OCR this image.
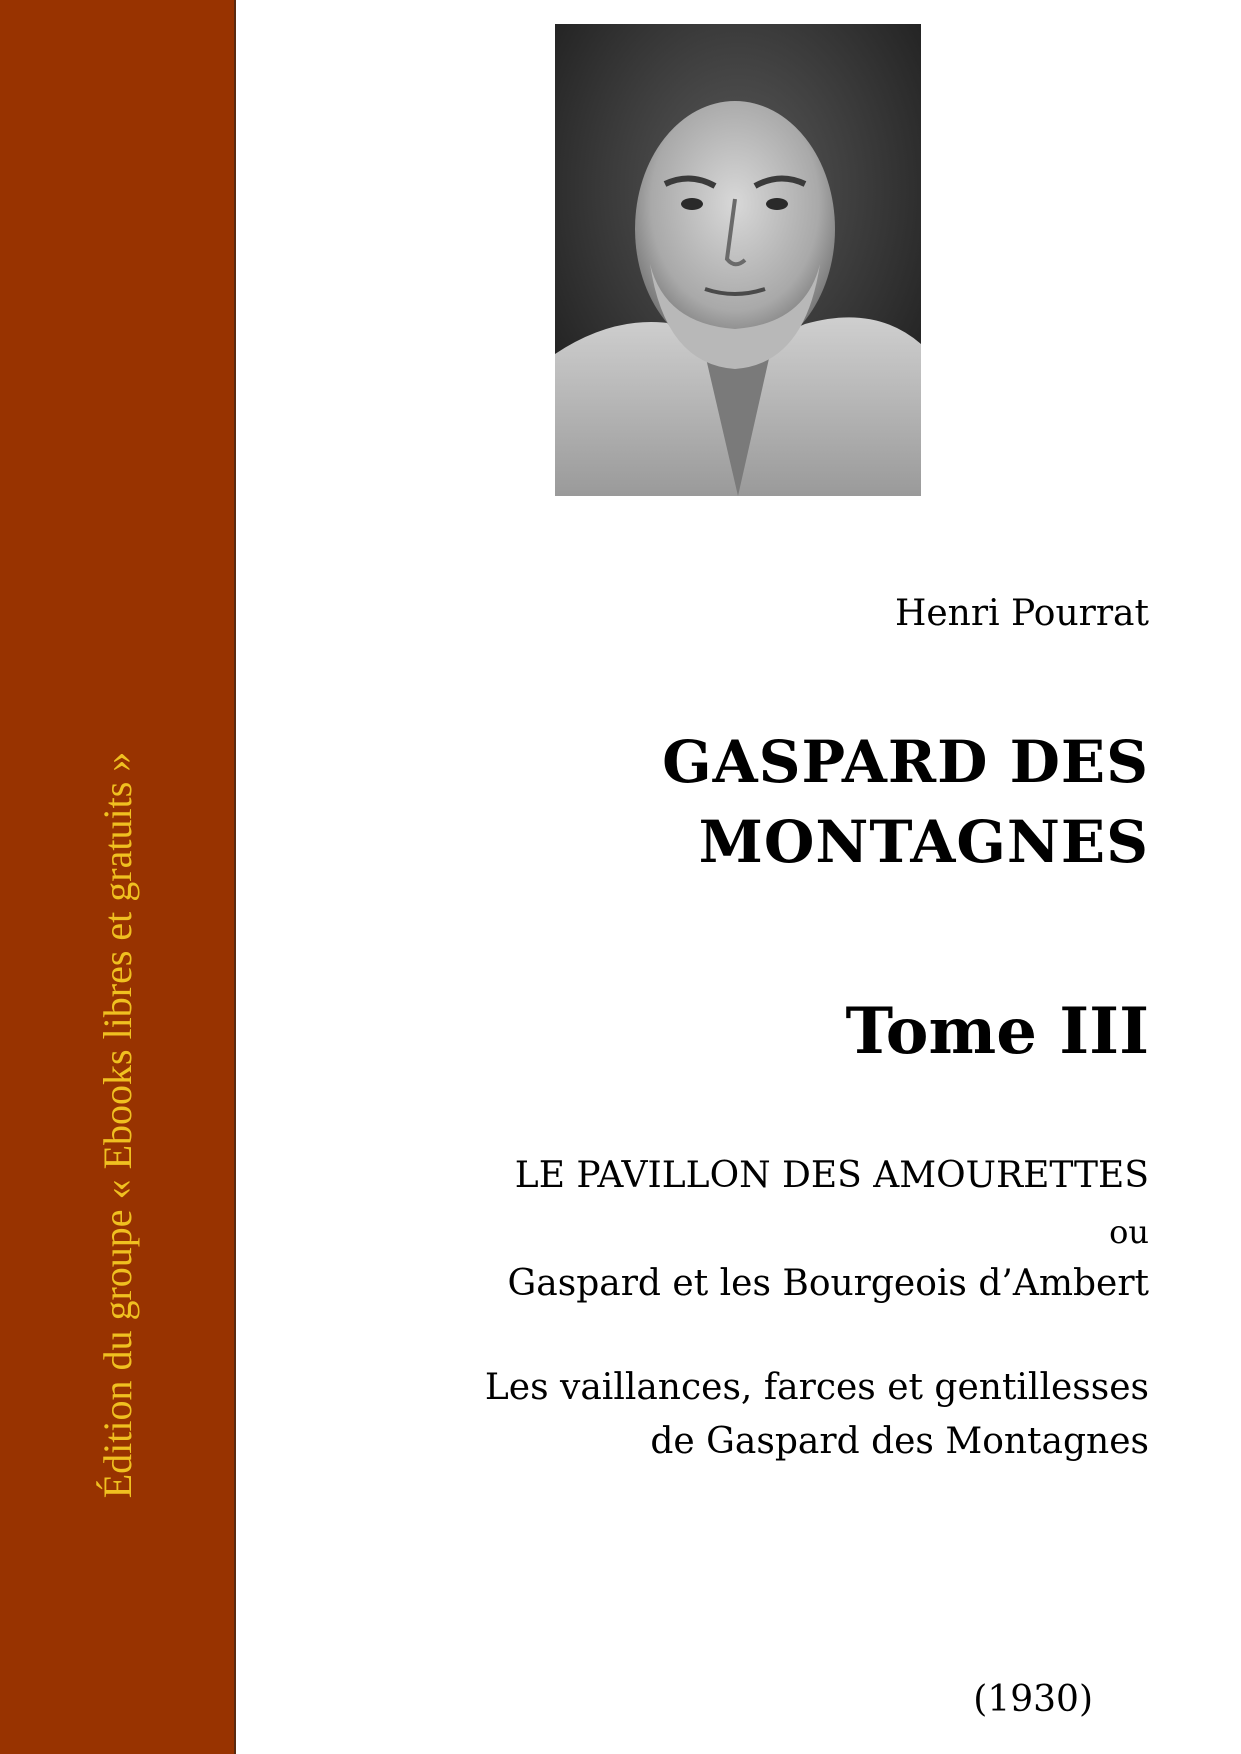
Édition du groupe « Ebooks libres et gratuits »
Henri Pourrat
GASPARD DES
MONTAGNES
Tome III
LE PAVILLON DES AMOURETTES
ou
Gaspard et les Bourgeois d’Ambert
Les vaillances, farces et gentillesses
de Gaspard des Montagnes
(1930)
